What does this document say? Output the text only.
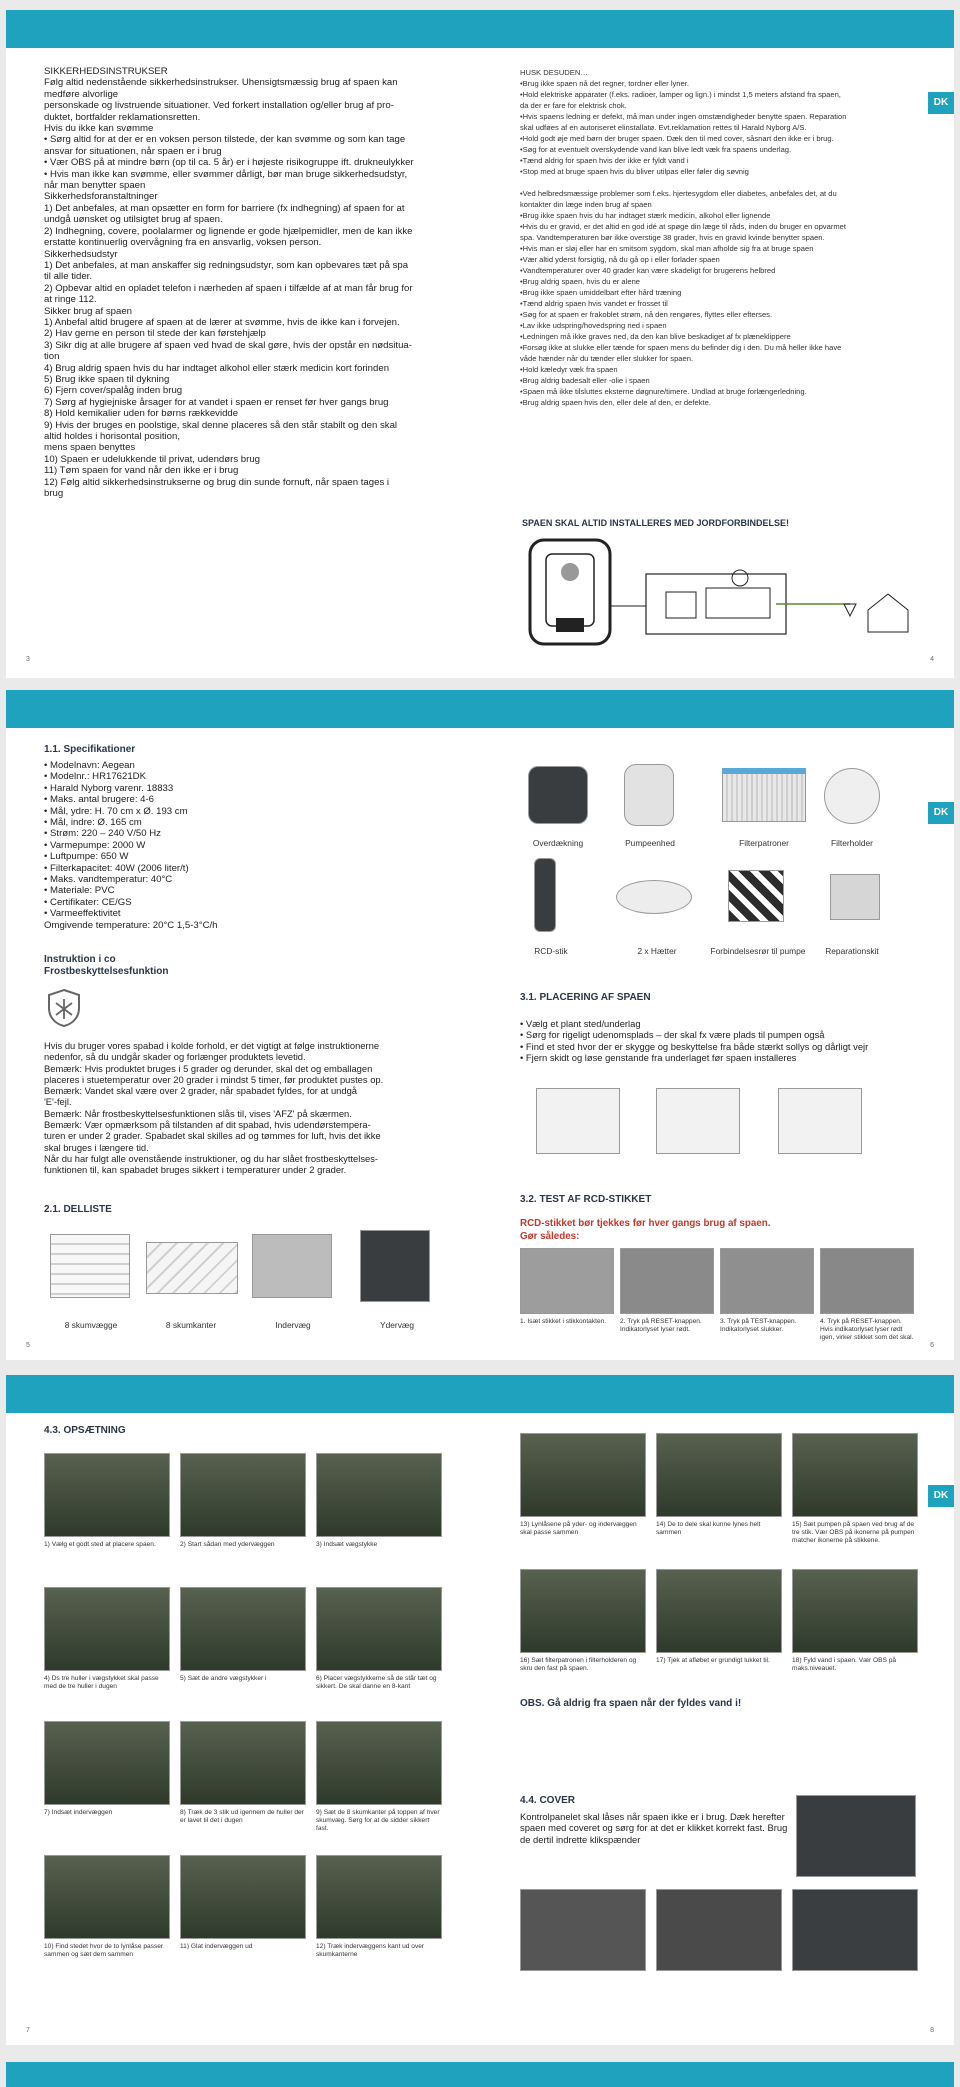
DK
SIKKERHEDSINSTRUKSER
Følg altid nedenstående sikkerhedsinstrukser. Uhensigtsmæssig brug af spaen kan
medføre alvorlige
personskade og livstruende situationer. Ved forkert installation og/eller brug af pro-
duktet, bortfalder reklamationsretten.
Hvis du ikke kan svømme
• Sørg altid for at der er en voksen person tilstede, der kan svømme og som kan tage
ansvar for situationen, når spaen er i brug
• Vær OBS på at mindre børn (op til ca. 5 år) er i højeste risikogruppe ift. drukneulykker
• Hvis man ikke kan svømme, eller svømmer dårligt, bør man bruge sikkerhedsudstyr,
når man benytter spaen
Sikkerhedsforanstaltninger
1) Det anbefales, at man opsætter en form for barriere (fx indhegning) af spaen for at
undgå uønsket og utilsigtet brug af spaen.
2) Indhegning, covere, poolalarmer og lignende er gode hjælpemidler, men de kan ikke
erstatte kontinuerlig overvågning fra en ansvarlig, voksen person.
Sikkerhedsudstyr
1) Det anbefales, at man anskaffer sig redningsudstyr, som kan opbevares tæt på spa
til alle tider.
2) Opbevar altid en opladet telefon i nærheden af spaen i tilfælde af at man får brug for
at ringe 112.
Sikker brug af spaen
1) Anbefal altid brugere af spaen at de lærer at svømme, hvis de ikke kan i forvejen.
2) Hav gerne en person til stede der kan førstehjælp
3) Sikr dig at alle brugere af spaen ved hvad de skal gøre, hvis der opstår en nødsitua-
tion
4) Brug aldrig spaen hvis du har indtaget alkohol eller stærk medicin kort forinden
5) Brug ikke spaen til dykning
6) Fjern cover/spalåg inden brug
7) Sørg af hygiejniske årsager for at vandet i spaen er renset før hver gangs brug
8) Hold kemikalier uden for børns rækkevidde
9) Hvis der bruges en poolstige, skal denne placeres så den står stabilt og den skal
altid holdes i horisontal position,
mens spaen benyttes
10) Spaen er udelukkende til privat, udendørs brug
11) Tøm spaen for vand når den ikke er i brug
12) Følg altid sikkerhedsinstrukserne og brug din sunde fornuft, når spaen tages i
brug
HUSK DESUDEN…
•Brug ikke spaen nå det regner, tordner eller lyner.
•Hold elektriske apparater (f.eks. radioer, lamper og lign.) i mindst 1,5 meters afstand fra spaen,
da der er fare for elektrisk chok.
•Hvis spaens ledning er defekt, må man under ingen omstændigheder benytte spaen. Reparation
skal udføes af en autoriseret elinstallatø. Evt.reklamation rettes til Harald Nyborg A/S.
•Hold godt øje med børn der bruger spaen. Dæk den til med cover, såsnart den ikke er i brug.
•Søg for at eventuelt overskydende vand kan blive ledt væk fra spaens underlag.
•Tænd aldrig for spaen hvis der ikke er fyldt vand i
•Stop med at bruge spaen hvis du bliver utilpas eller føler dig søvnig
•Ved helbredsmæssige problemer som f.eks. hjertesygdom eller diabetes, anbefales det, at du
kontakter din læge inden brug af spaen
•Brug ikke spaen hvis du har indtaget stærk medicin, alkohol eller lignende
•Hvis du er gravid, er det altid en god idé at spøge din læge til råds, inden du bruger en opvarmet
spa. Vandtemperaturen bør ikke overstige 38 grader, hvis en gravid kvinde benytter spaen.
•Hvis man er sløj eller har en smitsom sygdom, skal man afholde sig fra at bruge spaen
•Vær altid yderst forsigtig, nå du gå op i eller forlader spaen
•Vandtemperaturer over 40 grader kan være skadeligt for brugerens helbred
•Brug aldrig spaen, hvis du er alene
•Brug ikke spaen umiddelbart efter hård træning
•Tænd aldrig spaen hvis vandet er frosset til
•Søg for at spaen er frakoblet strøm, nå den rengøres, flyttes eller efterses.
•Lav ikke udspring/hovedspring ned i spaen
•Ledningen må ikke graves ned, da den kan blive beskadiget af fx plæneklippere
•Forsøg ikke at slukke eller tænde for spaen mens du befinder dig i den. Du må heller ikke have
våde hænder når du tænder eller slukker for spaen.
•Hold kæledyr væk fra spaen
•Brug aldrig badesalt eller -olie i spaen
•Spaen må ikke tilsluttes eksterne døgnure/timere. Undlad at bruge forlængerledning.
•Brug aldrig spaen hvis den, eller dele af den, er defekte.
SPAEN SKAL ALTID INSTALLERES MED JORDFORBINDELSE!
3	4
DK
1.1. Specifikationer
• Modelnavn: Aegean
• Modelnr.: HR17621DK
• Harald Nyborg varenr. 18833
• Maks. antal brugere: 4-6
• Mål, ydre: H. 70 cm x Ø. 193 cm
• Mål, indre: Ø. 165 cm
• Strøm: 220 – 240 V/50 Hz
• Varmepumpe: 2000 W
• Luftpumpe: 650 W
• Filterkapacitet: 40W (2006 liter/t)
• Maks. vandtemperatur: 40°C
• Materiale: PVC
• Certifikater: CE/GS
• Varmeeffektivitet
Omgivende temperature: 20°C 1,5-3°C/h
Instruktion i co
Frostbeskyttelsesfunktion
Hvis du bruger vores spabad i kolde forhold, er det vigtigt at følge instruktionerne
nedenfor, så du undgår skader og forlænger produktets levetid.
Bemærk: Hvis produktet bruges i 5 grader og derunder, skal det og emballagen
placeres i stuetemperatur over 20 grader i mindst 5 timer, før produktet pustes op.
Bemærk: Vandet skal være over 2 grader, når spabadet fyldes, for at undgå
'E'-fejl.
Bemærk: Når frostbeskyttelsesfunktionen slås til, vises 'AFZ' på skærmen.
Bemærk: Vær opmærksom på tilstanden af dit spabad, hvis udendørstempera-
turen er under 2 grader. Spabadet skal skilles ad og tømmes for luft, hvis det ikke
skal bruges i længere tid.
Når du har fulgt alle ovenstående instruktioner, og du har slået frostbeskyttelses-
funktionen til, kan spabadet bruges sikkert i temperaturer under 2 grader.
2.1. DELLISTE
8 skumvægge	8 skumkanter	Indervæg	Ydervæg
Overdækning	Pumpeenhed	Filterpatroner	Filterholder
RCD-stik	2 x Hætter	Forbindelsesrør til pumpe	Reparationskit
3.1. PLACERING AF SPAEN
• Vælg et plant sted/underlag
• Sørg for rigeligt udenomsplads – der skal fx være plads til pumpen også
• Find et sted hvor der er skygge og beskyttelse fra både stærkt sollys og dårligt vejr
• Fjern skidt og løse genstande fra underlaget før spaen installeres
3.2. TEST AF RCD-STIKKET
RCD-stikket bør tjekkes før hver gangs brug af spaen.
Gør således:
1. Isæt stikket i stikkontakten.	2. Tryk på RESET-knappen. Indikatorlyset lyser rødt.
3. Tryk på TEST-knappen. Indikatorlyset slukker.
4. Tryk på RESET-knappen. Hvis indikatorlyset lyser rødt igen, virker stikket som det skal.
5	6
DK
4.3. OPSÆTNING
1) Vælg et godt sted at placere spaen.	2) Start sådan med ydervæggen	3) Indsæt vægstykke
4) Ds tre huller i vægstykket skal passe med de tre huller i dugen
5) Sæt de andre vægstykker i	6) Placer vægstykkerne så de står tæt og sikkert. De skal danne en 8-kant
7) Indsæt indervæggen	8) Træk de 3 stik ud igennem de huller der er lavet til det i dugen
9) Sæt de 8 skumkanter på toppen af hver skumvæg. Sørg for at de sidder sikkert fast.
10) Find stedet hvor de to lynlåse passer sammen og sæt dem sammen
11) Glat indervæggen ud	12) Træk indervæggens kant ud over skumkanterne
13) Lynlåsene på yder- og indervæggen skal passe sammen
14) De to dele skal kunne lynes helt sammen
15) Sæt pumpen på spaen ved brug af de tre stik. Vær OBS på ikonerne på pumpen matcher ikonerne på stikkene.
16) Sæt filterpatronen i filterholderen og skru den fast på spaen.
17) Tjek at afløbet er grundigt lukket til.	18) Fyld vand i spaen. Vær OBS på maks.niveauet.
OBS. Gå aldrig fra spaen når der fyldes vand i!
4.4. COVER
Kontrolpanelet skal låses når spaen ikke er i brug. Dæk herefter
spaen med coveret og sørg for at det er klikket korrekt fast. Brug
de dertil indrette klikspænder
7	8
